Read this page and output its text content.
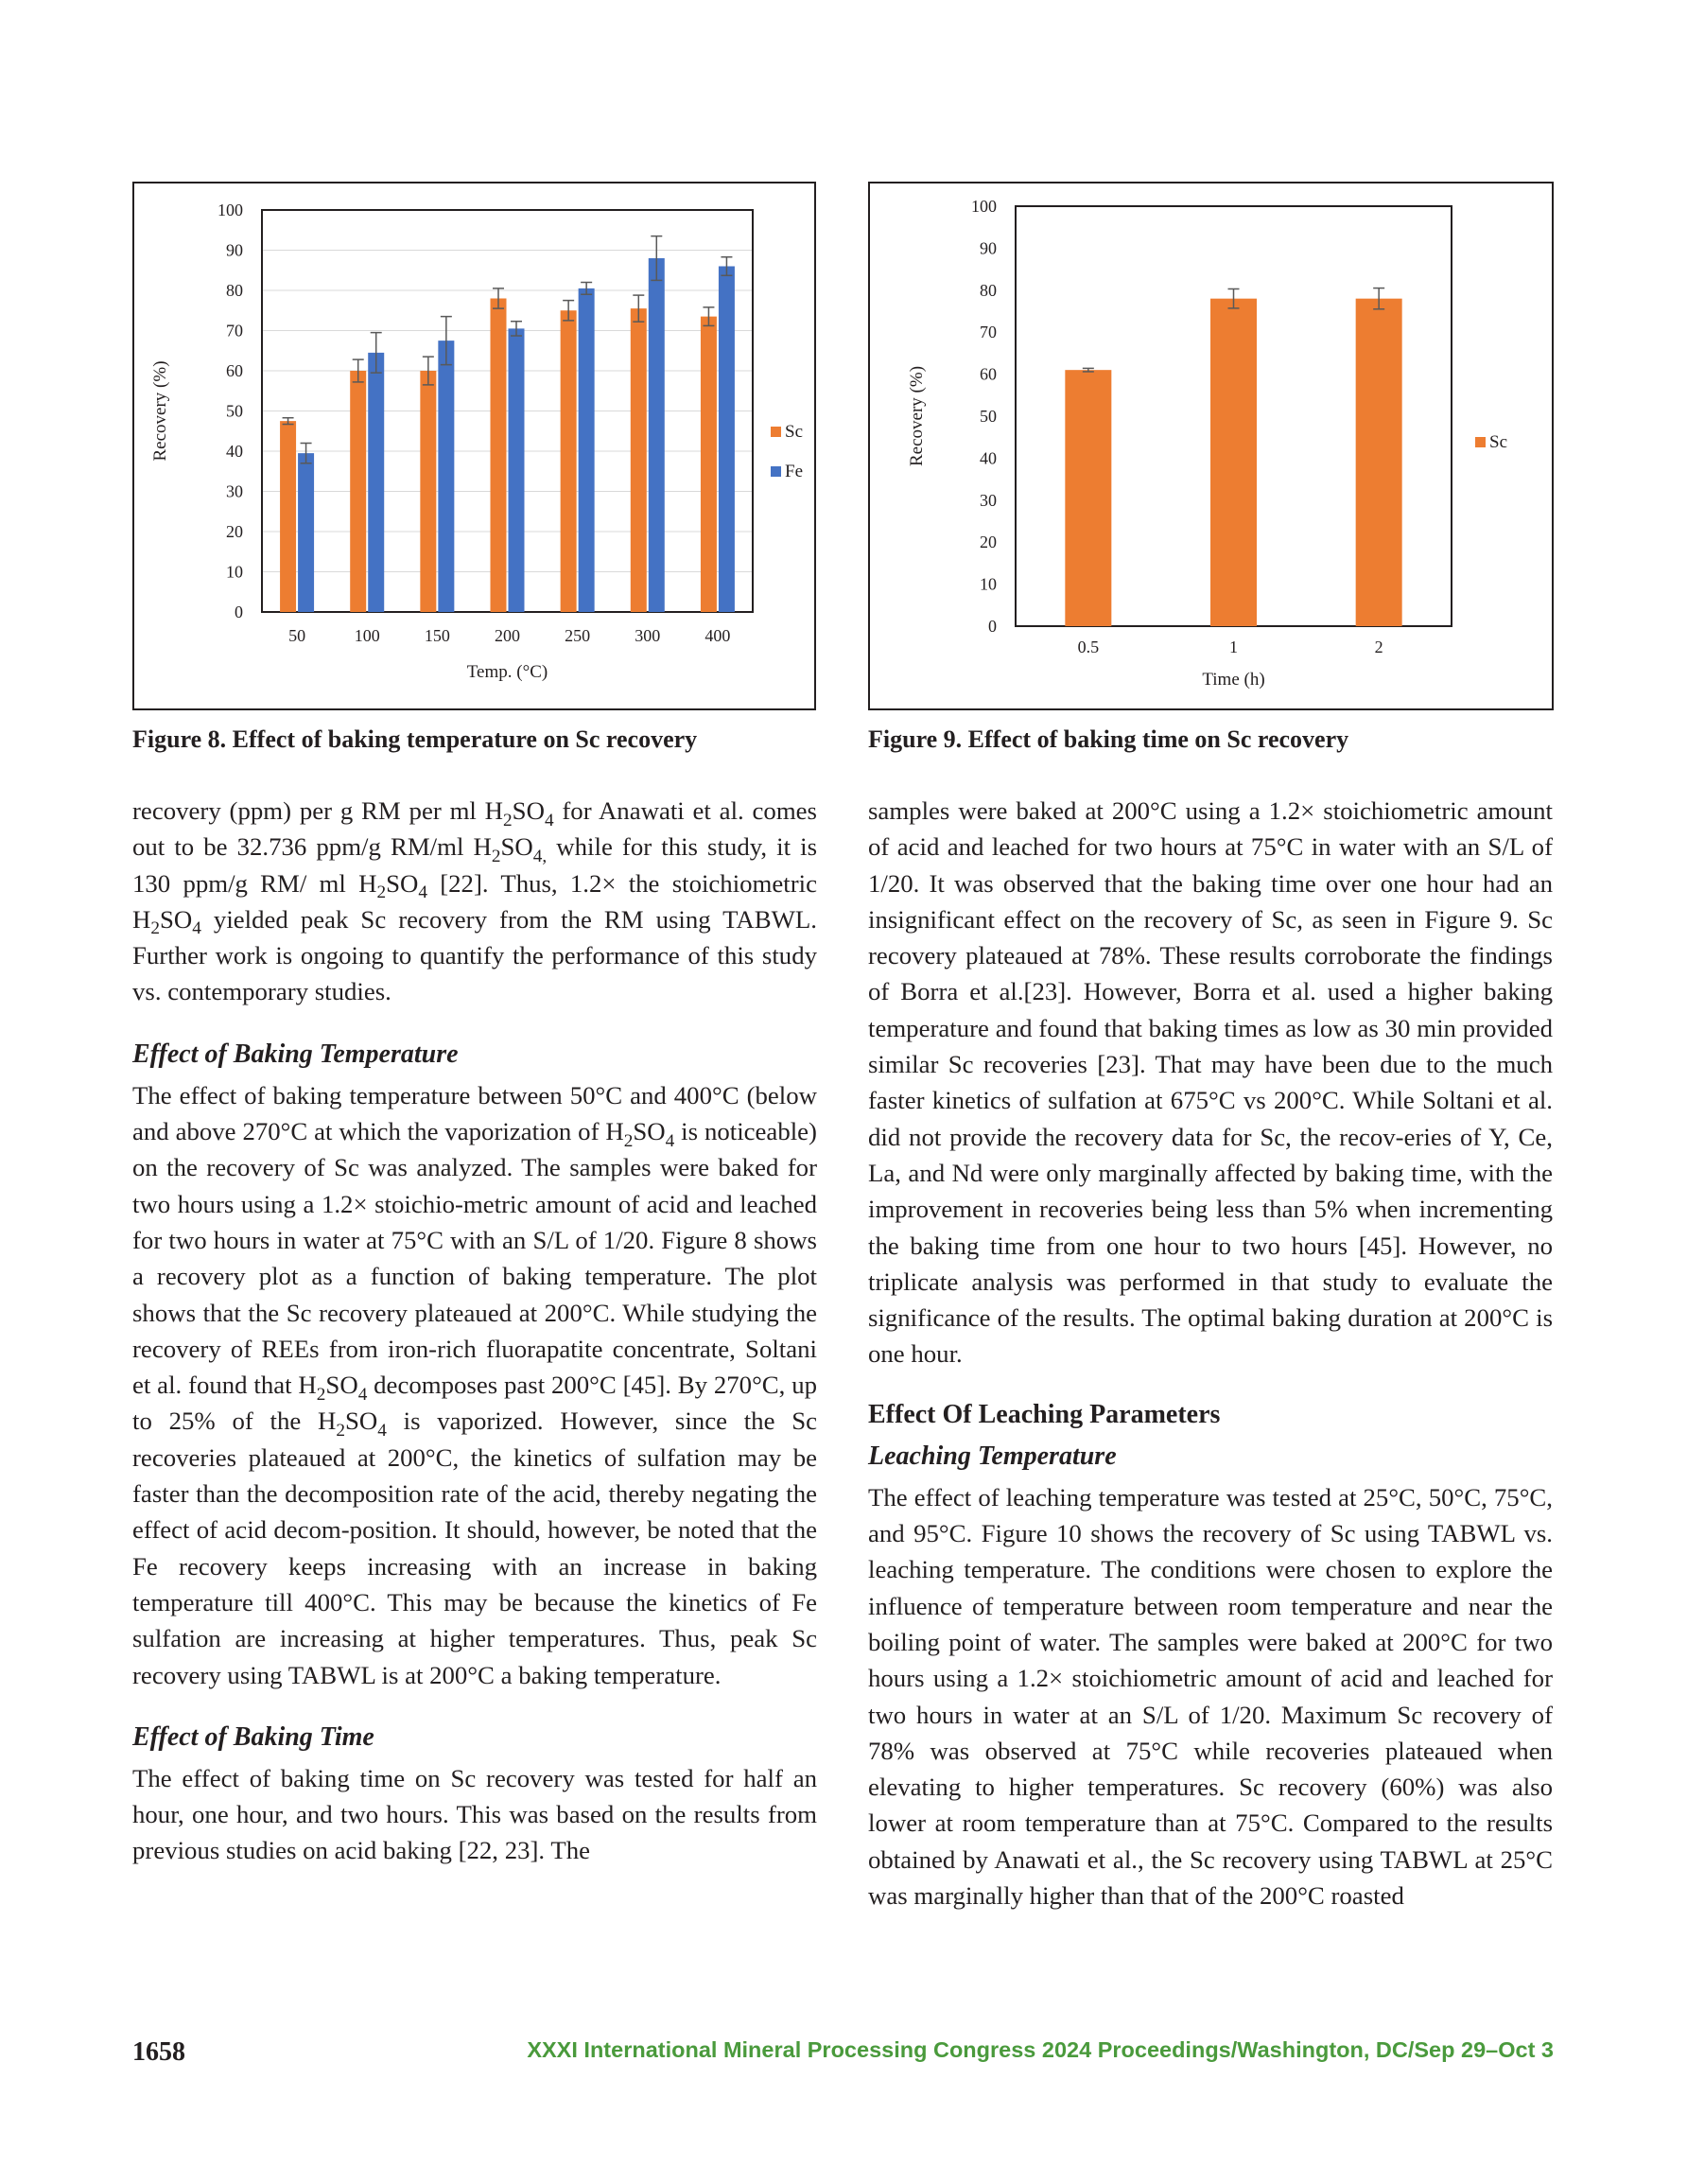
0
10
20
30
40
50
60
70
80
90
100
50	100	150	200	250	300	400
Temp. (°C)
Recovery (%)	Sc
Fe

Figure 8. Effect of baking temperature on Sc recovery

0
10
20
30
40
50
60
70
80
90
100
0.5	1	2
Time (h)
Recovery (%)	Sc

Figure 9. Effect of baking time on Sc recovery

recovery (ppm) per g RM per ml $H_2SO_4$ for Anawati et al. comes out to be 32.736 ppm/g RM/ml $H_2SO_{4,}$ while for this study, it is 130 ppm/g RM/ ml $H_2SO_4$ [22]. Thus, 1.2× the stoichiometric $H_2SO_4$ yielded peak Sc recovery from the RM using TABWL. Further work is ongoing to quantify the performance of this study vs. contemporary studies.

Effect of Baking Temperature

The effect of baking temperature between 50°C and 400°C (below and above 270°C at which the vaporization of $H_2SO_4$ is noticeable) on the recovery of Sc was analyzed. The samples were baked for two hours using a 1.2× stoichio-metric amount of acid and leached for two hours in water at 75°C with an S/L of 1/20. Figure 8 shows a recovery plot as a function of baking temperature. The plot shows that the Sc recovery plateaued at 200°C. While studying the recovery of REEs from iron-rich fluorapatite concentrate, Soltani et al. found that $H_2SO_4$ decomposes past 200°C [45]. By 270°C, up to 25% of the $H_2SO_4$ is vaporized. However, since the Sc recoveries plateaued at 200°C, the kinetics of sulfation may be faster than the decomposition rate of the acid, thereby negating the effect of acid decom-position. It should, however, be noted that the Fe recovery keeps increasing with an increase in baking temperature till 400°C. This may be because the kinetics of Fe sulfation are increasing at higher temperatures. Thus, peak Sc recovery using TABWL is at 200°C a baking temperature.

Effect of Baking Time

The effect of baking time on Sc recovery was tested for half an hour, one hour, and two hours. This was based on the results from previous studies on acid baking [22, 23]. The

samples were baked at 200°C using a 1.2× stoichiometric amount of acid and leached for two hours at 75°C in water with an S/L of 1/20. It was observed that the baking time over one hour had an insignificant effect on the recovery of Sc, as seen in Figure 9. Sc recovery plateaued at 78%. These results corroborate the findings of Borra et al.[23]. However, Borra et al. used a higher baking temperature and found that baking times as low as 30 min provided similar Sc recoveries [23]. That may have been due to the much faster kinetics of sulfation at 675°C vs 200°C. While Soltani et al. did not provide the recovery data for Sc, the recov-eries of Y, Ce, La, and Nd were only marginally affected by baking time, with the improvement in recoveries being less than 5% when incrementing the baking time from one hour to two hours [45]. However, no triplicate analysis was performed in that study to evaluate the significance of the results. The optimal baking duration at 200°C is one hour.

Effect Of Leaching Parameters
Leaching Temperature

The effect of leaching temperature was tested at 25°C, 50°C, 75°C, and 95°C. Figure 10 shows the recovery of Sc using TABWL vs. leaching temperature. The conditions were chosen to explore the influence of temperature between room temperature and near the boiling point of water. The samples were baked at 200°C for two hours using a 1.2× stoichiometric amount of acid and leached for two hours in water at an S/L of 1/20. Maximum Sc recovery of 78% was observed at 75°C while recoveries plateaued when elevating to higher temperatures. Sc recovery (60%) was also lower at room temperature than at 75°C. Compared to the results obtained by Anawati et al., the Sc recovery using TABWL at 25°C was marginally higher than that of the 200°C roasted

1658	XXXI International Mineral Processing Congress 2024 Proceedings/Washington, DC/Sep 29–Oct 3
